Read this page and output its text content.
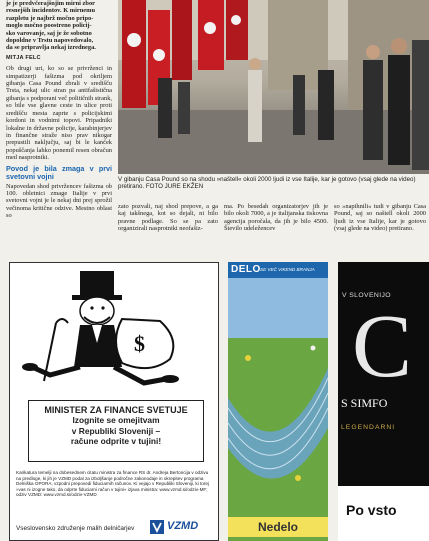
je je predvčerajšnjim mirni zbor
resnejših incidentov. K mirnemu
razpletu je najbrž močno pripo-
moglo močno poostreno policij-
sko varovanje, saj je že sobotno
dopoldne v Trstu napovedovalo,
da se pripravlja nekaj izrednega.

MITJA FELC

Ob drugi uri, ko so se privrženci in simpatizerji fašizma pod okriljem gibanja Casa Pound zbrali v središču Trsta, nekaj ulic stran pa antifašistična gibanja s podporani več političnih strank, so bile vse glavne ceste in ulice proti središču mesta zaprte s policijskimi kordoni in vodnimi topovi. Pripadniki lokalne in državne policije, karabinjerjev in finančne straže niso prav nikogar prepustili naključju, saj bi le kanček popuščanja lahko ponemil resen obračun med nasprotniki.

Povod je bila zmaga v prvi svetovni vojni

Napovedan shod privržencev fašizma ob 100. obletnici zmage Italije v prvi svetovni vojni je le nekaj dni prej sprožil večinoma kritične odzive. Mestno oblast so

V gibanju Casa Pound so na shodu »naštell« okoli 2000 ljudi iz vse Italije, kar je gotovo (vsaj glede na video) pretirano. FOTO JURE EKŽEN
zato pozvali, naj shod prepove, a ga kaj takšnega, kot so dejali, ni bilo pravne podlage. So se pa zato organizirali nasprotniki neofašiz-
ma. Po besedah organizatorjev jih je bilo okoli 7000, a je italijanska tiskovna agencija poročala, da jih je bilo 4500. Število udeležencev
so »napihnili« tudi v gibanju Casa Pound, saj so naštell okoli 2000 ljudi iz vse Italije, kar je gotovo (vsaj glede na video) pretirano.
$
MINISTER ZA FINANCE SVETUJE
Izognite se omejitvam
v Republiki Sloveniji –
račune odprite v tujini!
Karikatura temelji na dobesednem citatu ministra za finance RS dr. Andreja Bertoncija v odzivu na predloge, ki jih je VZMD podal za izboljšanje področne zakonodaje in okrepitev programa Delniška OPORA, vzpodni prepovedi fiduciarnih računov. Ki vejajo v Republiki Sloveniji, ki torej »vas ni izogne tako, da odprte fiduciarni račun v tujini« izjava ministra: www.vzmd.si/odziv-MF; odziv VZMD: www.vzmd.si/odziv-VZMD
Vseslovensko združenje malih delničarjev	VZMD
DELO SE VEČ VIKEND BRANJA
Nedelo
V SLOVENIJO
C
S SIMFO
LEGENDARNI
Po vsto
